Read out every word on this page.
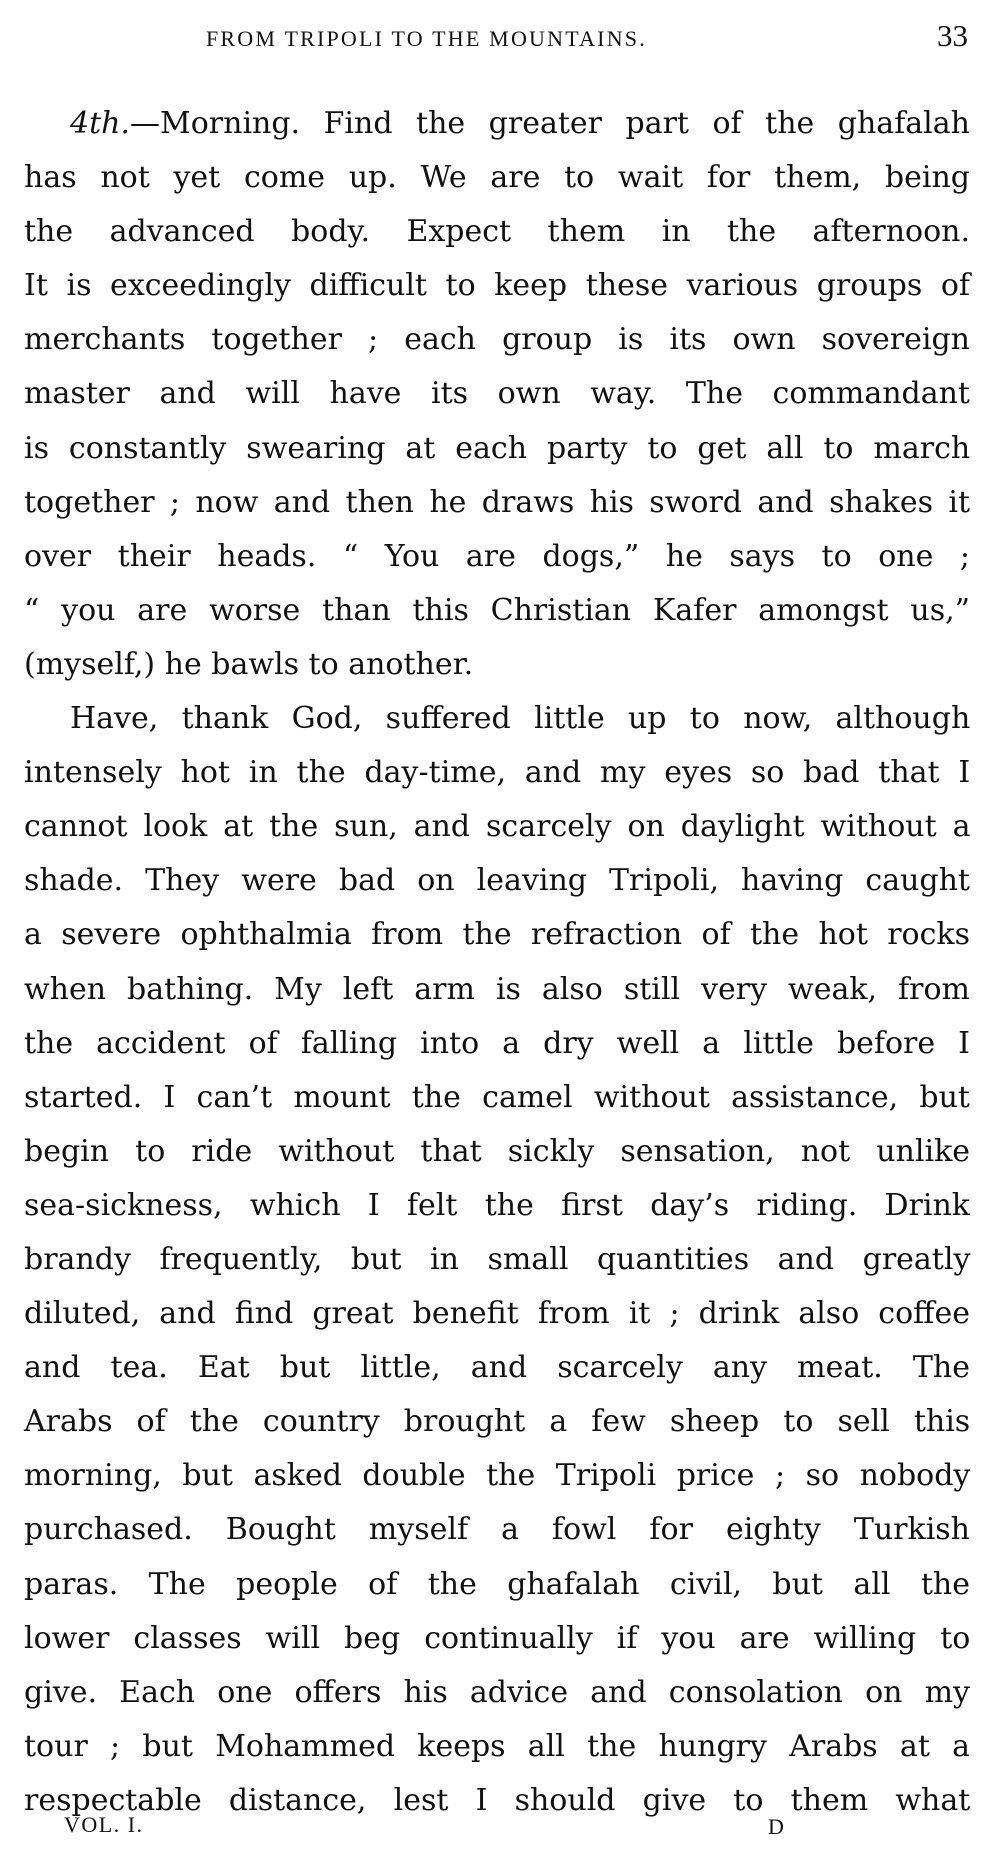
FROM TRIPOLI TO THE MOUNTAINS.	33
4th.—Morning. Find the greater part of the ghafalah
has not yet come up. We are to wait for them, being
the advanced body. Expect them in the afternoon.
It is exceedingly difficult to keep these various groups of
merchants together ; each group is its own sovereign
master and will have its own way. The commandant
is constantly swearing at each party to get all to march
together ; now and then he draws his sword and shakes it
over their heads. “ You are dogs,” he says to one ;
“ you are worse than this Christian Kafer amongst us,”
(myself,) he bawls to another.
Have, thank God, suffered little up to now, although
intensely hot in the day-time, and my eyes so bad that I
cannot look at the sun, and scarcely on daylight without a
shade. They were bad on leaving Tripoli, having caught
a severe ophthalmia from the refraction of the hot rocks
when bathing. My left arm is also still very weak, from
the accident of falling into a dry well a little before I
started. I can’t mount the camel without assistance, but
begin to ride without that sickly sensation, not unlike
sea-sickness, which I felt the first day’s riding. Drink
brandy frequently, but in small quantities and greatly
diluted, and find great benefit from it ; drink also coffee
and tea. Eat but little, and scarcely any meat. The
Arabs of the country brought a few sheep to sell this
morning, but asked double the Tripoli price ; so nobody
purchased. Bought myself a fowl for eighty Turkish
paras. The people of the ghafalah civil, but all the
lower classes will beg continually if you are willing to
give. Each one offers his advice and consolation on my
tour ; but Mohammed keeps all the hungry Arabs at a
respectable distance, lest I should give to them what
VOL. I.	D
